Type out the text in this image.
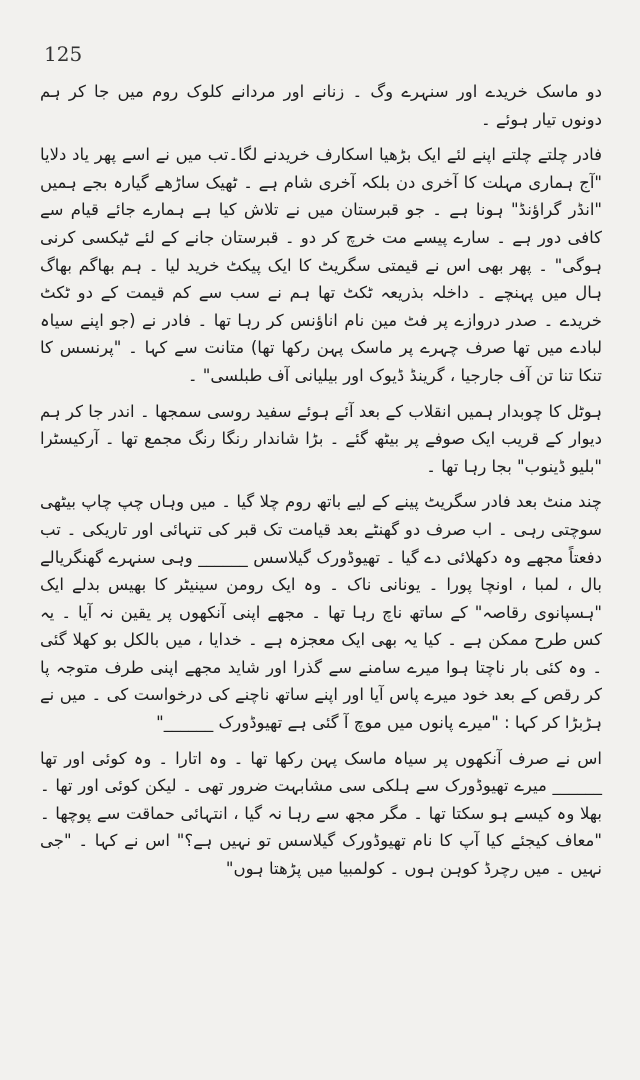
125

دو ماسک خریدے اور سنہرے وگ ۔ زنانے اور مردانے کلوک روم میں جا کر ہم دونوں تیار ہوئے ۔

فادر چلتے چلتے اپنے لئے ایک بڑھیا اسکارف خریدنے لگا۔تب میں نے اسے پھر یاد دلایا "آج ہماری مہلت کا آخری دن بلکہ آخری شام ہے ۔ ٹھیک ساڑھے گیارہ بجے ہمیں "انڈر گراؤنڈ" ہونا ہے ۔ جو قبرستان میں نے تلاش کیا ہے ہمارے جائے قیام سے کافی دور ہے ۔ سارے پیسے مت خرچ کر دو ۔ قبرستان جانے کے لئے ٹیکسی کرنی ہوگی" ۔ پھر بھی اس نے قیمتی سگریٹ کا ایک پیکٹ خرید لیا ۔ ہم بھاگم بھاگ ہال میں پہنچے ۔ داخلہ بذریعہ ٹکٹ تھا ہم نے سب سے کم قیمت کے دو ٹکٹ خریدے ۔ صدر دروازے پر فٹ مین نام اناؤنس کر رہا تھا ۔ فادر نے (جو اپنے سیاہ لبادے میں تھا صرف چہرے پر ماسک پہن رکھا تھا) متانت سے کہا ۔ "پرنسس کا تنکا تنا تن آف جارجیا ، گرینڈ ڈیوک اور بیلیانی آف طبلسی" ۔

ہوٹل کا چوبدار ہمیں انقلاب کے بعد آئے ہوئے سفید روسی سمجھا ۔ اندر جا کر ہم دیوار کے قریب ایک صوفے پر بیٹھ گئے ۔ بڑا شاندار رنگا رنگ مجمع تھا ۔ آرکیسٹرا "بلیو ڈینوب" بجا رہا تھا ۔

چند منٹ بعد فادر سگریٹ پینے کے لیے باتھ روم چلا گیا ۔ میں وہاں چپ چاپ بیٹھی سوچتی رہی ۔ اب صرف دو گھنٹے بعد قیامت تک قبر کی تنہائی اور تاریکی ۔ تب دفعتاً مجھے وہ دکھلائی دے گیا ۔ تھیوڈورک گیلاسس ______ وہی سنہرے گھنگریالے بال ، لمبا ، اونچا پورا ۔ یونانی ناک ۔ وہ ایک رومن سینیٹر کا بھیس بدلے ایک "ہسپانوی رقاصہ" کے ساتھ ناچ رہا تھا ۔ مجھے اپنی آنکھوں پر یقین نہ آیا ۔ یہ کس طرح ممکن ہے ۔ کیا یہ بھی ایک معجزہ ہے ۔ خدایا ، میں بالکل بو کھلا گئی ۔ وہ کئی بار ناچتا ہوا میرے سامنے سے گذرا اور شاید مجھے اپنی طرف متوجہ پا کر رقص کے بعد خود میرے پاس آیا اور اپنے ساتھ ناچنے کی درخواست کی ۔ میں نے ہڑبڑا کر کہا : "میرے پانوں میں موچ آ گئی ہے تھیوڈورک ______"

اس نے صرف آنکھوں پر سیاہ ماسک پہن رکھا تھا ۔ وہ اتارا ۔ وہ کوئی اور تھا ______ میرے تھیوڈورک سے ہلکی سی مشابہت ضرور تھی ۔ لیکن کوئی اور تھا ۔ بھلا وہ کیسے ہو سکتا تھا ۔ مگر مجھ سے رہا نہ گیا ، انتہائی حماقت سے پوچھا ۔ "معاف کیجئے کیا آپ کا نام تھیوڈورک گیلاسس تو نہیں ہے؟" اس نے کہا ۔ "جی نہیں ۔ میں رچرڈ کوہن ہوں ۔ کولمبیا میں پڑھتا ہوں"
